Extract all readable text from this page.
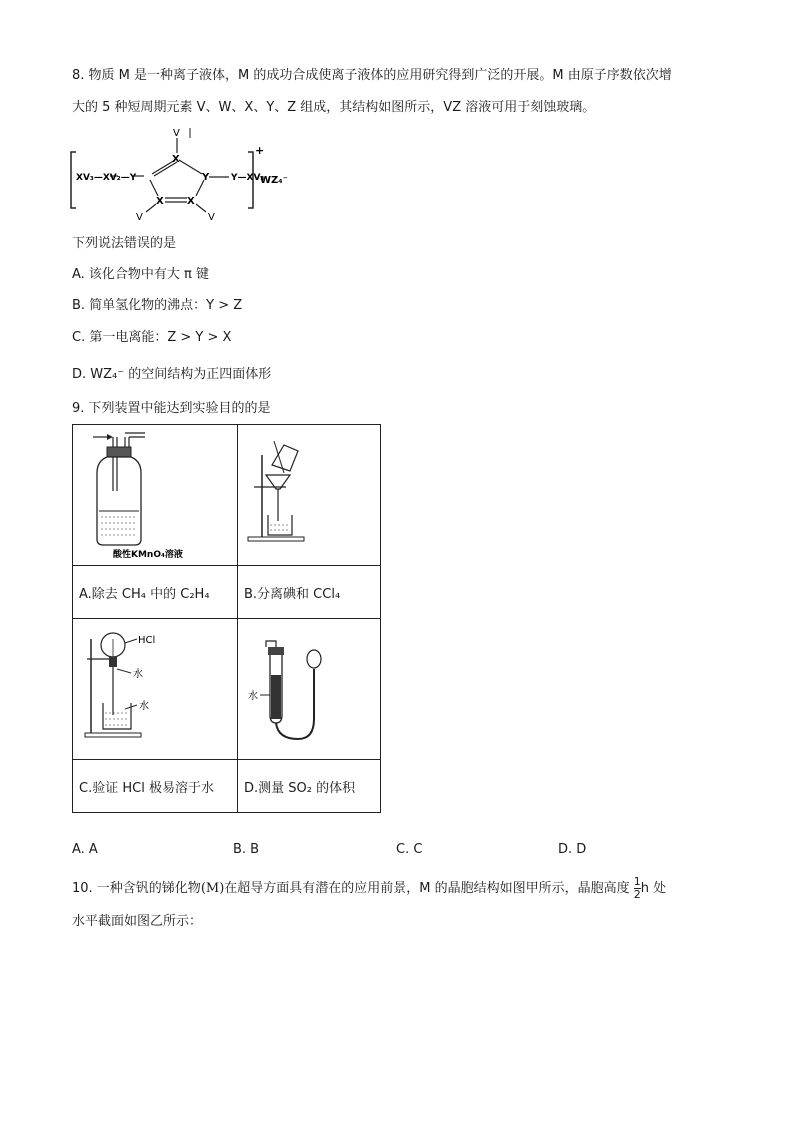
8. 物质 M 是一种离子液体，M 的成功合成使离子液体的应用研究得到广泛的开展。M 由原子序数依次增
大的 5 种短周期元素 V、W、X、Y、Z 组成，其结构如图所示，VZ 溶液可用于刻蚀玻璃。
V
X
XV₃—XV₂—Y	Y Y—XV₃
X X
V	V
+
WZ₄⁻
下列说法错误的是
A. 该化合物中有大 π 键
B. 简单氢化物的沸点：Y > Z
C. 第一电离能：Z > Y > X
D. WZ₄⁻ 的空间结构为正四面体形
9. 下列装置中能达到实验目的的是
酸性KMnO₄溶液

A.除去 CH₄ 中的 C₂H₄	B.分离碘和 CCl₄

HCl
水
水	水

C.验证 HCl 极易溶于水	D.测量 SO₂ 的体积
A. A	B. B	C. C	D. D
10. 一种含钒的锑化物(M)在超导方面具有潜在的应用前景，M 的晶胞结构如图甲所示，晶胞高度 $\frac{1}{2}$ h 处
水平截面如图乙所示：
